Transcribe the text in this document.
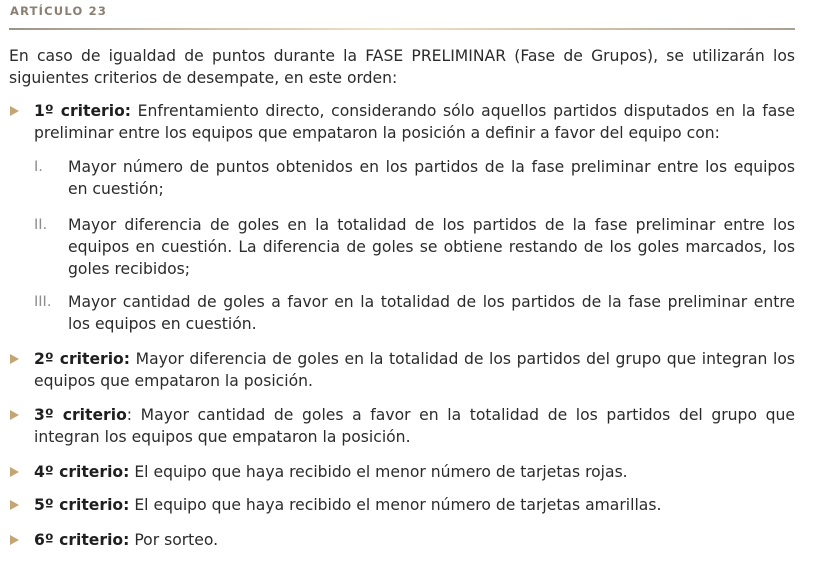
ARTÍCULO 23
En caso de igualdad de puntos durante la FASE PRELIMINAR (Fase de Grupos), se utilizarán los siguientes criterios de desempate, en este orden:
1º criterio: Enfrentamiento directo, considerando sólo aquellos partidos disputados en la fase preliminar entre los equipos que empataron la posición a definir a favor del equipo con:
I. Mayor número de puntos obtenidos en los partidos de la fase preliminar entre los equipos en cuestión;
II. Mayor diferencia de goles en la totalidad de los partidos de la fase preliminar entre los equipos en cuestión. La diferencia de goles se obtiene restando de los goles marcados, los goles recibidos;
III. Mayor cantidad de goles a favor en la totalidad de los partidos de la fase preliminar entre los equipos en cuestión.
2º criterio: Mayor diferencia de goles en la totalidad de los partidos del grupo que integran los equipos que empataron la posición.
3º criterio: Mayor cantidad de goles a favor en la totalidad de los partidos del grupo que integran los equipos que empataron la posición.
4º criterio: El equipo que haya recibido el menor número de tarjetas rojas.
5º criterio: El equipo que haya recibido el menor número de tarjetas amarillas.
6º criterio: Por sorteo.
